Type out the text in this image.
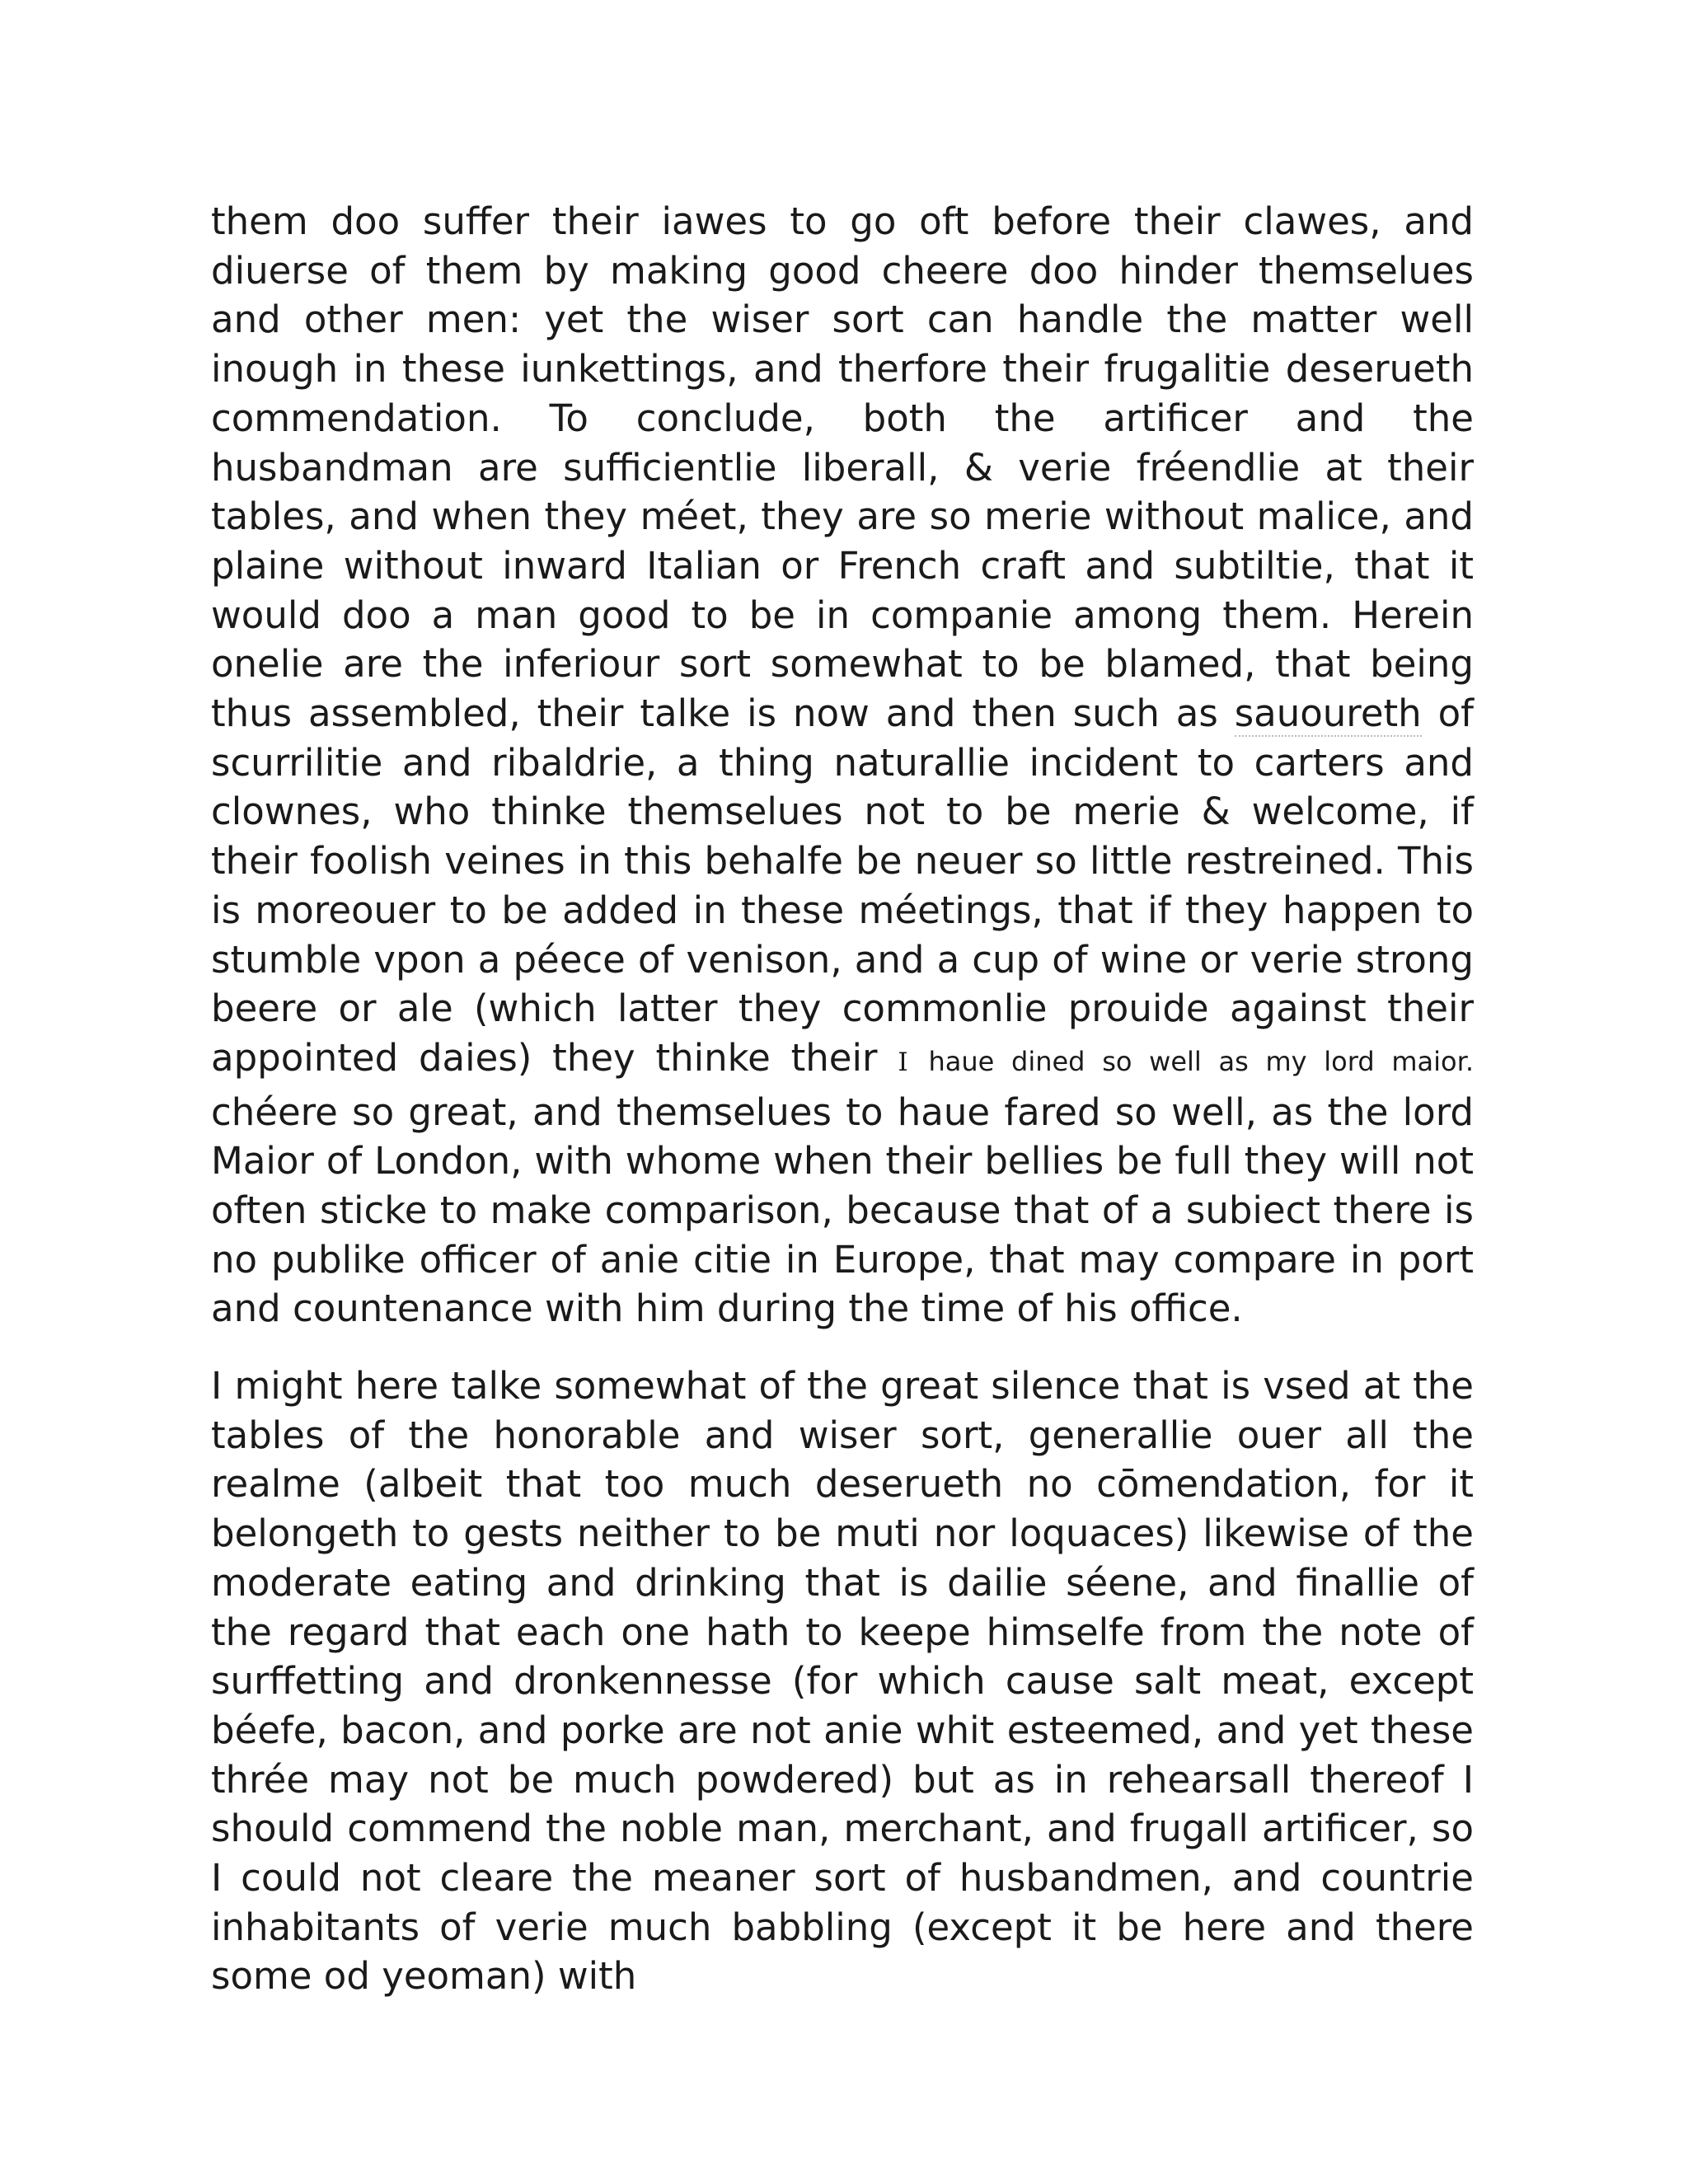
them doo suffer their iawes to go oft before their clawes, and diuerse of them by making good cheere doo hinder themselues and other men: yet the wiser sort can handle the matter well inough in these iunkettings, and therfore their frugalitie deserueth commendation. To conclude, both the artificer and the husbandman are sufficientlie liberall, & verie fréendlie at their tables, and when they méet, they are so merie without malice, and plaine without inward Italian or French craft and subtiltie, that it would doo a man good to be in companie among them. Herein onelie are the inferiour sort somewhat to be blamed, that being thus assembled, their talke is now and then such as sauoureth of scurrilitie and ribaldrie, a thing naturallie incident to carters and clownes, who thinke themselues not to be merie & welcome, if their foolish veines in this behalfe be neuer so little restreined. This is moreouer to be added in these méetings, that if they happen to stumble vpon a péece of venison, and a cup of wine or verie strong beere or ale (which latter they commonlie prouide against their appointed daies) they thinke their I haue dined so well as my lord maior. chéere so great, and themselues to haue fared so well, as the lord Maior of London, with whome when their bellies be full they will not often sticke to make comparison, because that of a subiect there is no publike officer of anie citie in Europe, that may compare in port and countenance with him during the time of his office.

I might here talke somewhat of the great silence that is vsed at the tables of the honorable and wiser sort, generallie ouer all the realme (albeit that too much deserueth no cōmendation, for it belongeth to gests neither to be muti nor loquaces) likewise of the moderate eating and drinking that is dailie séene, and finallie of the regard that each one hath to keepe himselfe from the note of surffetting and dronkennesse (for which cause salt meat, except béefe, bacon, and porke are not anie whit esteemed, and yet these thrée may not be much powdered) but as in rehearsall thereof I should commend the noble man, merchant, and frugall artificer, so I could not cleare the meaner sort of husbandmen, and countrie inhabitants of verie much babbling (except it be here and there some od yeoman) with
